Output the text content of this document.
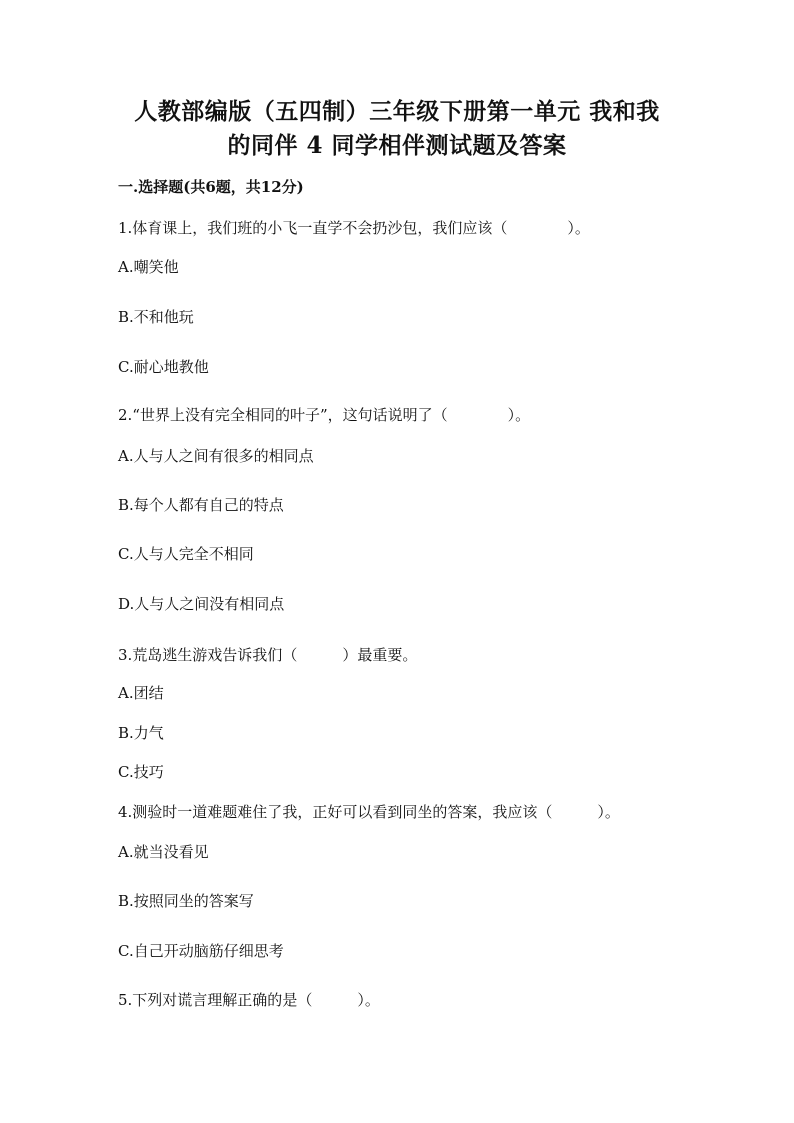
人教部编版（五四制）三年级下册第一单元 我和我
的同伴 4 同学相伴测试题及答案
一.选择题(共6题，共12分)
1.体育课上，我们班的小飞一直学不会扔沙包，我们应该（　　　　）。
A.嘲笑他
B.不和他玩
C.耐心地教他
2.“世界上没有完全相同的叶子”，这句话说明了（　　　　）。
A.人与人之间有很多的相同点
B.每个人都有自己的特点
C.人与人完全不相同
D.人与人之间没有相同点
3.荒岛逃生游戏告诉我们（　　　）最重要。
A.团结
B.力气
C.技巧
4.测验时一道难题难住了我，正好可以看到同坐的答案，我应该（　　　）。
A.就当没看见
B.按照同坐的答案写
C.自己开动脑筋仔细思考
5.下列对谎言理解正确的是（　　　）。
